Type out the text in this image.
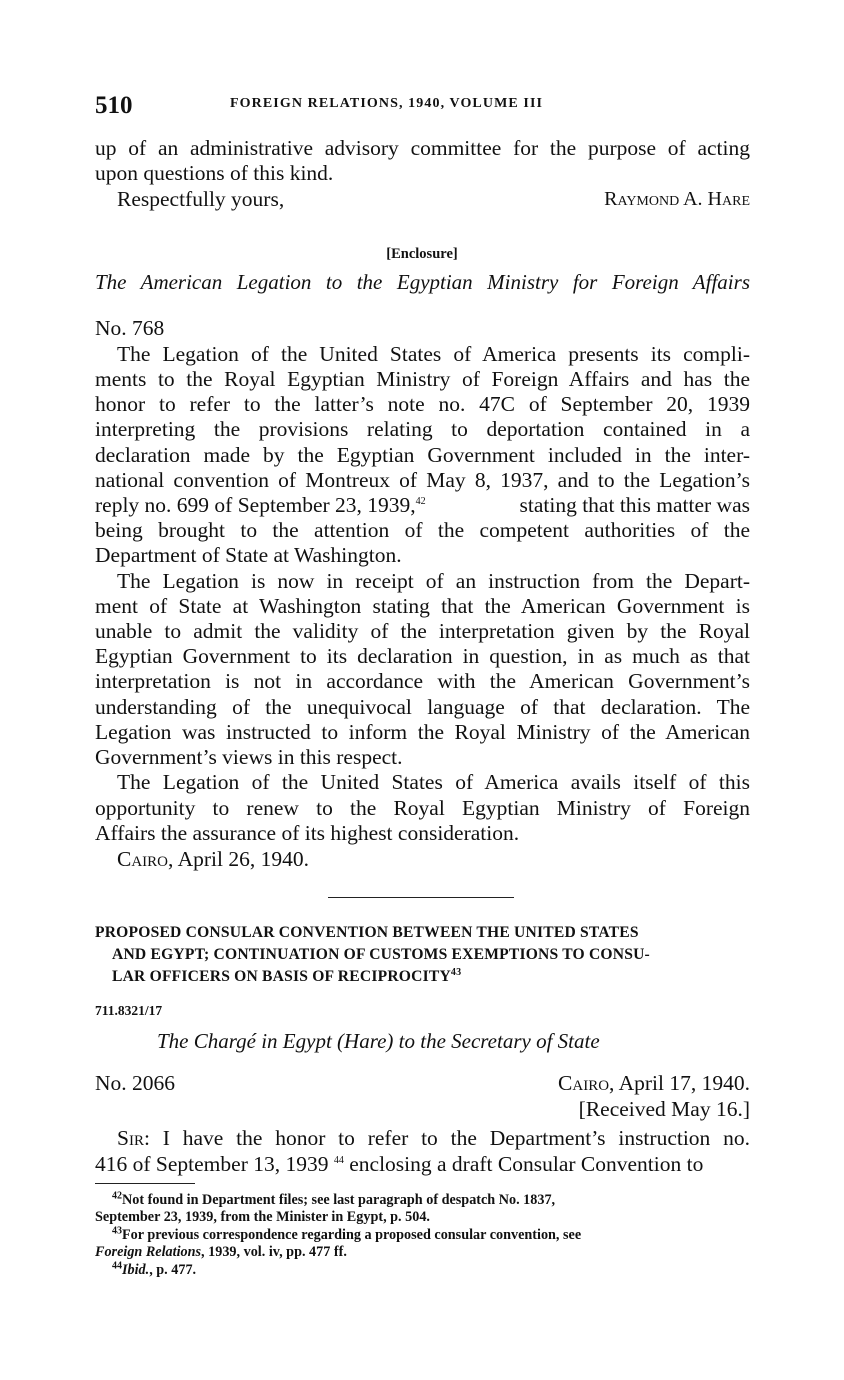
510	FOREIGN RELATIONS, 1940, VOLUME III
up of an administrative advisory committee for the purpose of acting
upon questions of this kind.
Respectfully yours,	Raymond A. Hare
[Enclosure]
The American Legation to the Egyptian Ministry for Foreign Affairs
No. 768
The Legation of the United States of America presents its compli-
ments to the Royal Egyptian Ministry of Foreign Affairs and has the
honor to refer to the latter’s note no. 47C of September 20, 1939
interpreting the provisions relating to deportation contained in a
declaration made by the Egyptian Government included in the inter-
national convention of Montreux of May 8, 1937, and to the Legation’s
reply no. 699 of September 23, 1939,42	stating that this matter was
being brought to the attention of the competent authorities of the
Department of State at Washington.
The Legation is now in receipt of an instruction from the Depart-
ment of State at Washington stating that the American Government is
unable to admit the validity of the interpretation given by the Royal
Egyptian Government to its declaration in question, in as much as that
interpretation is not in accordance with the American Government’s
understanding of the unequivocal language of that declaration. The
Legation was instructed to inform the Royal Ministry of the American
Government’s views in this respect.
The Legation of the United States of America avails itself of this
opportunity to renew to the Royal Egyptian Ministry of Foreign
Affairs the assurance of its highest consideration.
Cairo, April 26, 1940.
PROPOSED CONSULAR CONVENTION BETWEEN THE UNITED STATES
AND EGYPT; CONTINUATION OF CUSTOMS EXEMPTIONS TO CONSU-
LAR OFFICERS ON BASIS OF RECIPROCITY$^{43}$
711.8321/17
The Chargé in Egypt (Hare) to the Secretary of State
No. 2066	Cairo, April 17, 1940.
[Received May 16.]
Sir: I have the honor to refer to the Department’s instruction no.
416 of September 13, 1939 $^{44}$ enclosing a draft Consular Convention to
$^{42}$Not found in Department files; see last paragraph of despatch No. 1837,
September 23, 1939, from the Minister in Egypt, p. 504.
$^{43}$For previous correspondence regarding a proposed consular convention, see
Foreign Relations, 1939, vol. iv, pp. 477 ff.
$^{44}$Ibid., p. 477.
